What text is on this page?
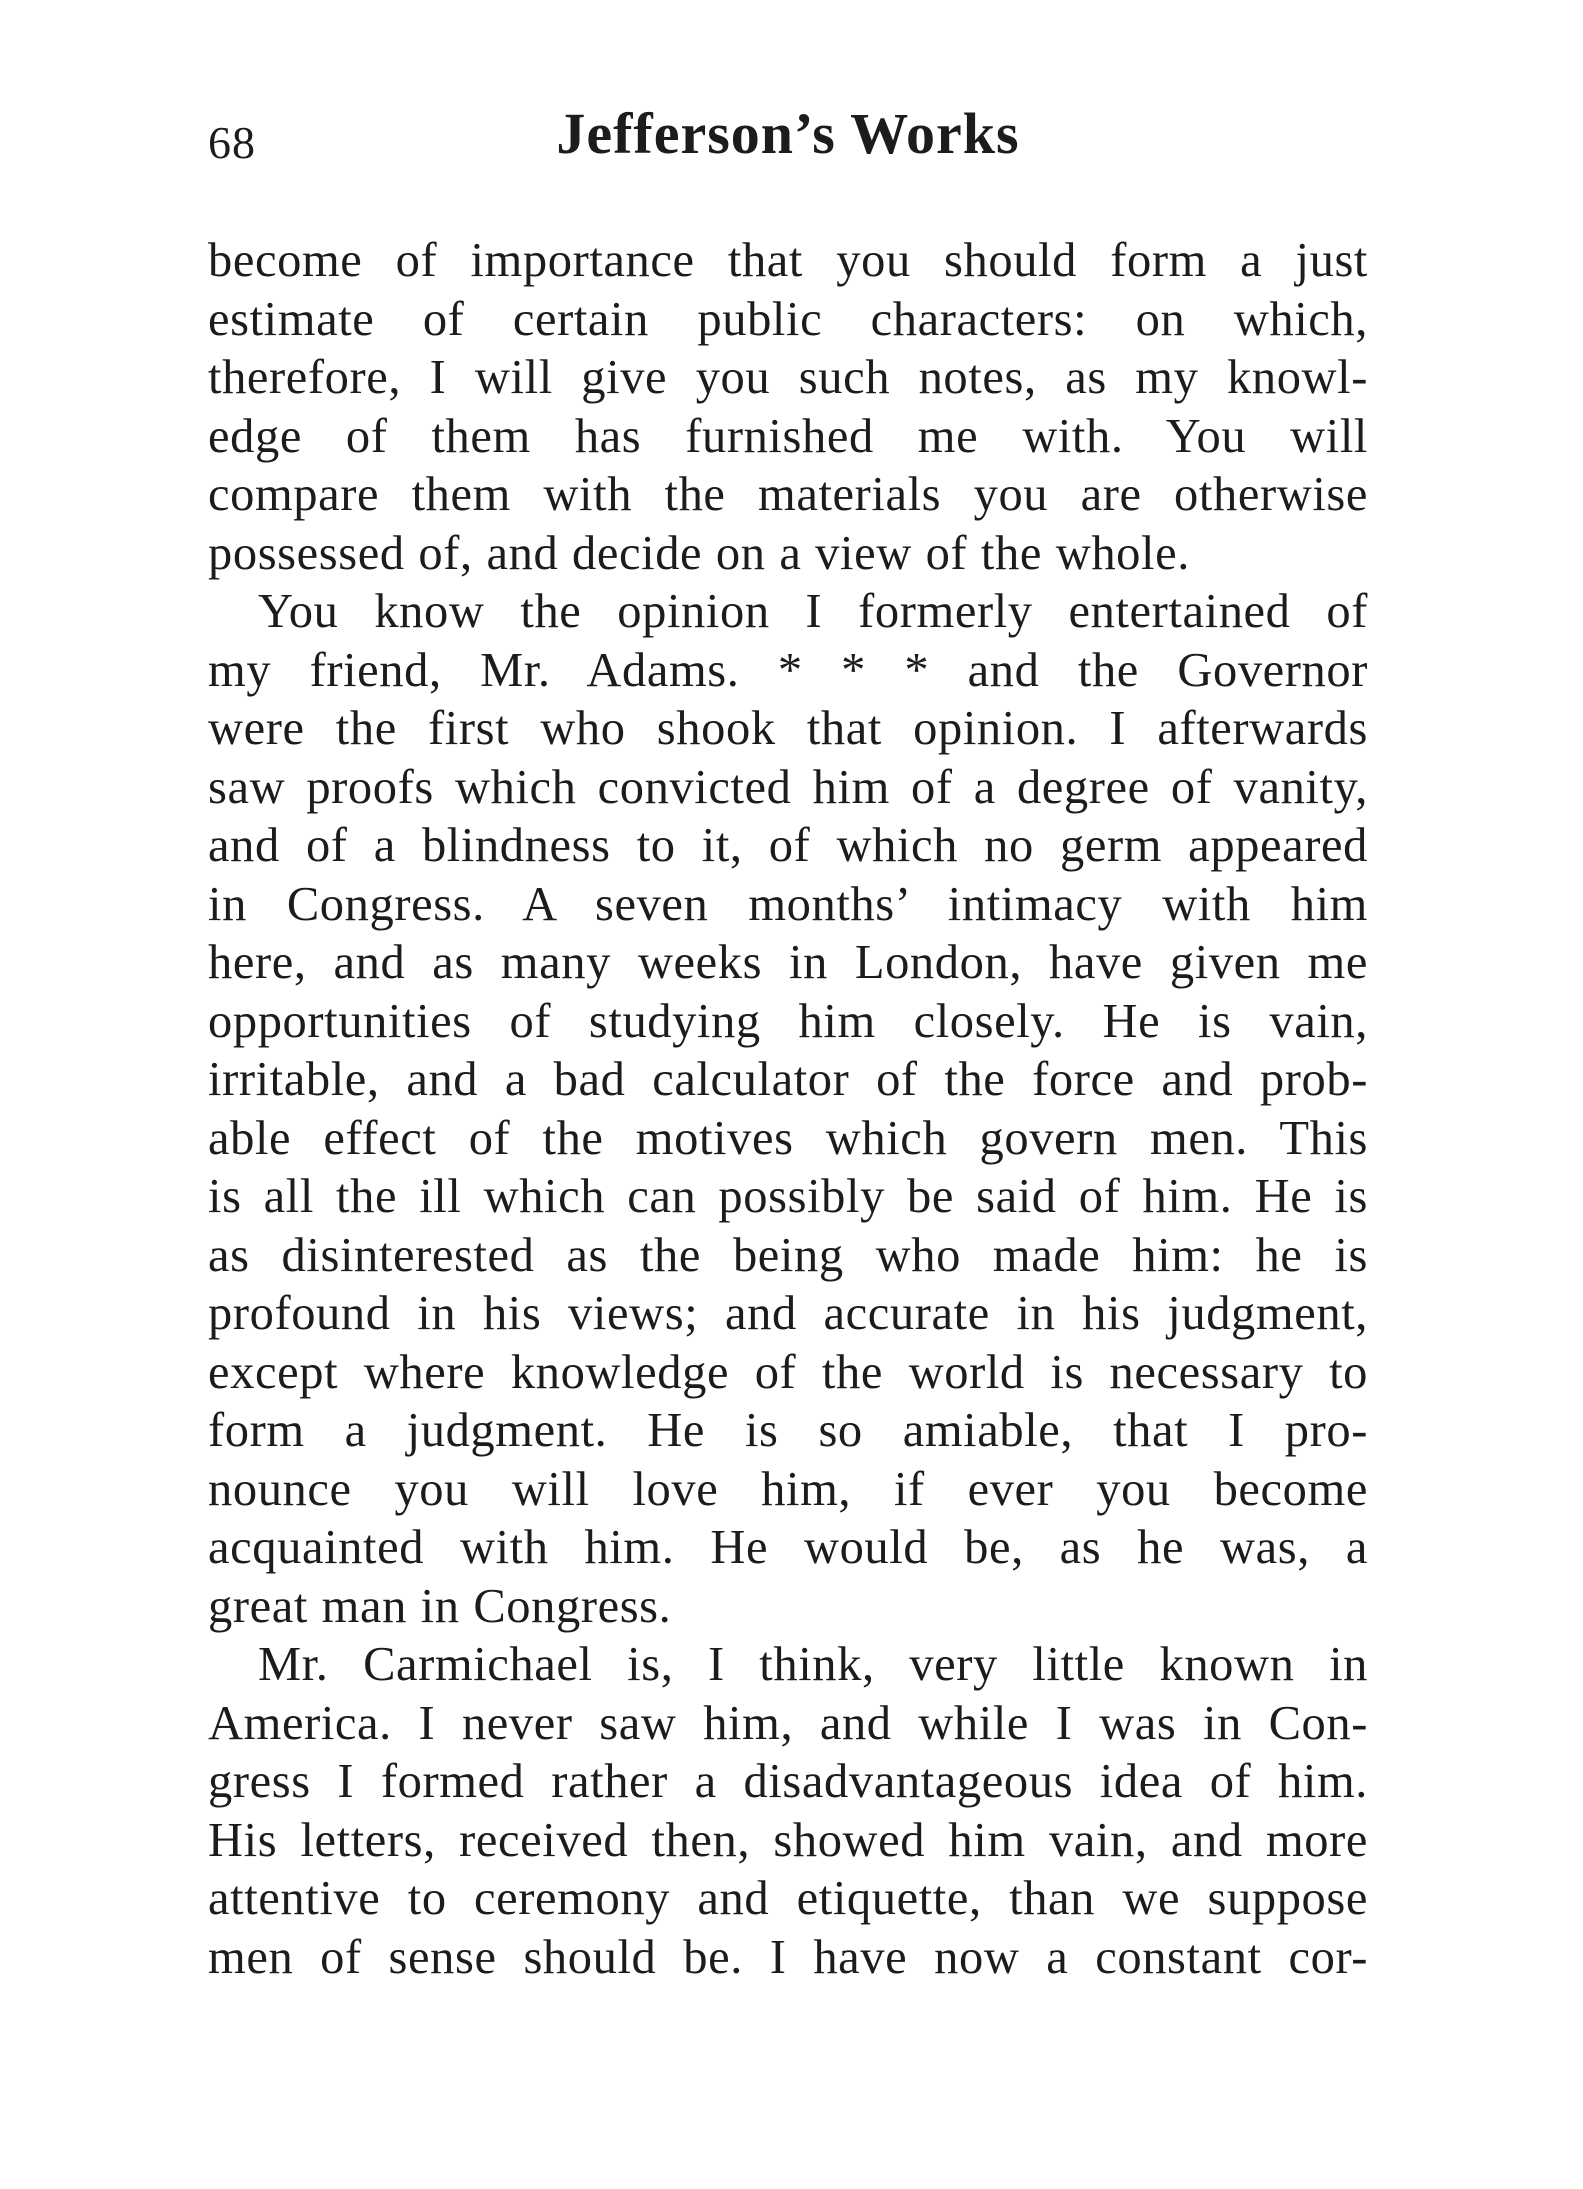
68	Jefferson’s Works
become of importance that you should form a just
estimate of certain public characters: on which,
therefore, I will give you such notes, as my knowl-
edge of them has furnished me with. You will
compare them with the materials you are otherwise
possessed of, and decide on a view of the whole.
You know the opinion I formerly entertained of
my friend, Mr. Adams. * * * and the Governor
were the first who shook that opinion. I afterwards
saw proofs which convicted him of a degree of vanity,
and of a blindness to it, of which no germ appeared
in Congress. A seven months’ intimacy with him
here, and as many weeks in London, have given me
opportunities of studying him closely. He is vain,
irritable, and a bad calculator of the force and prob-
able effect of the motives which govern men. This
is all the ill which can possibly be said of him. He is
as disinterested as the being who made him: he is
profound in his views; and accurate in his judgment,
except where knowledge of the world is necessary to
form a judgment. He is so amiable, that I pro-
nounce you will love him, if ever you become
acquainted with him. He would be, as he was, a
great man in Congress.
Mr. Carmichael is, I think, very little known in
America. I never saw him, and while I was in Con-
gress I formed rather a disadvantageous idea of him.
His letters, received then, showed him vain, and more
attentive to ceremony and etiquette, than we suppose
men of sense should be. I have now a constant cor-
